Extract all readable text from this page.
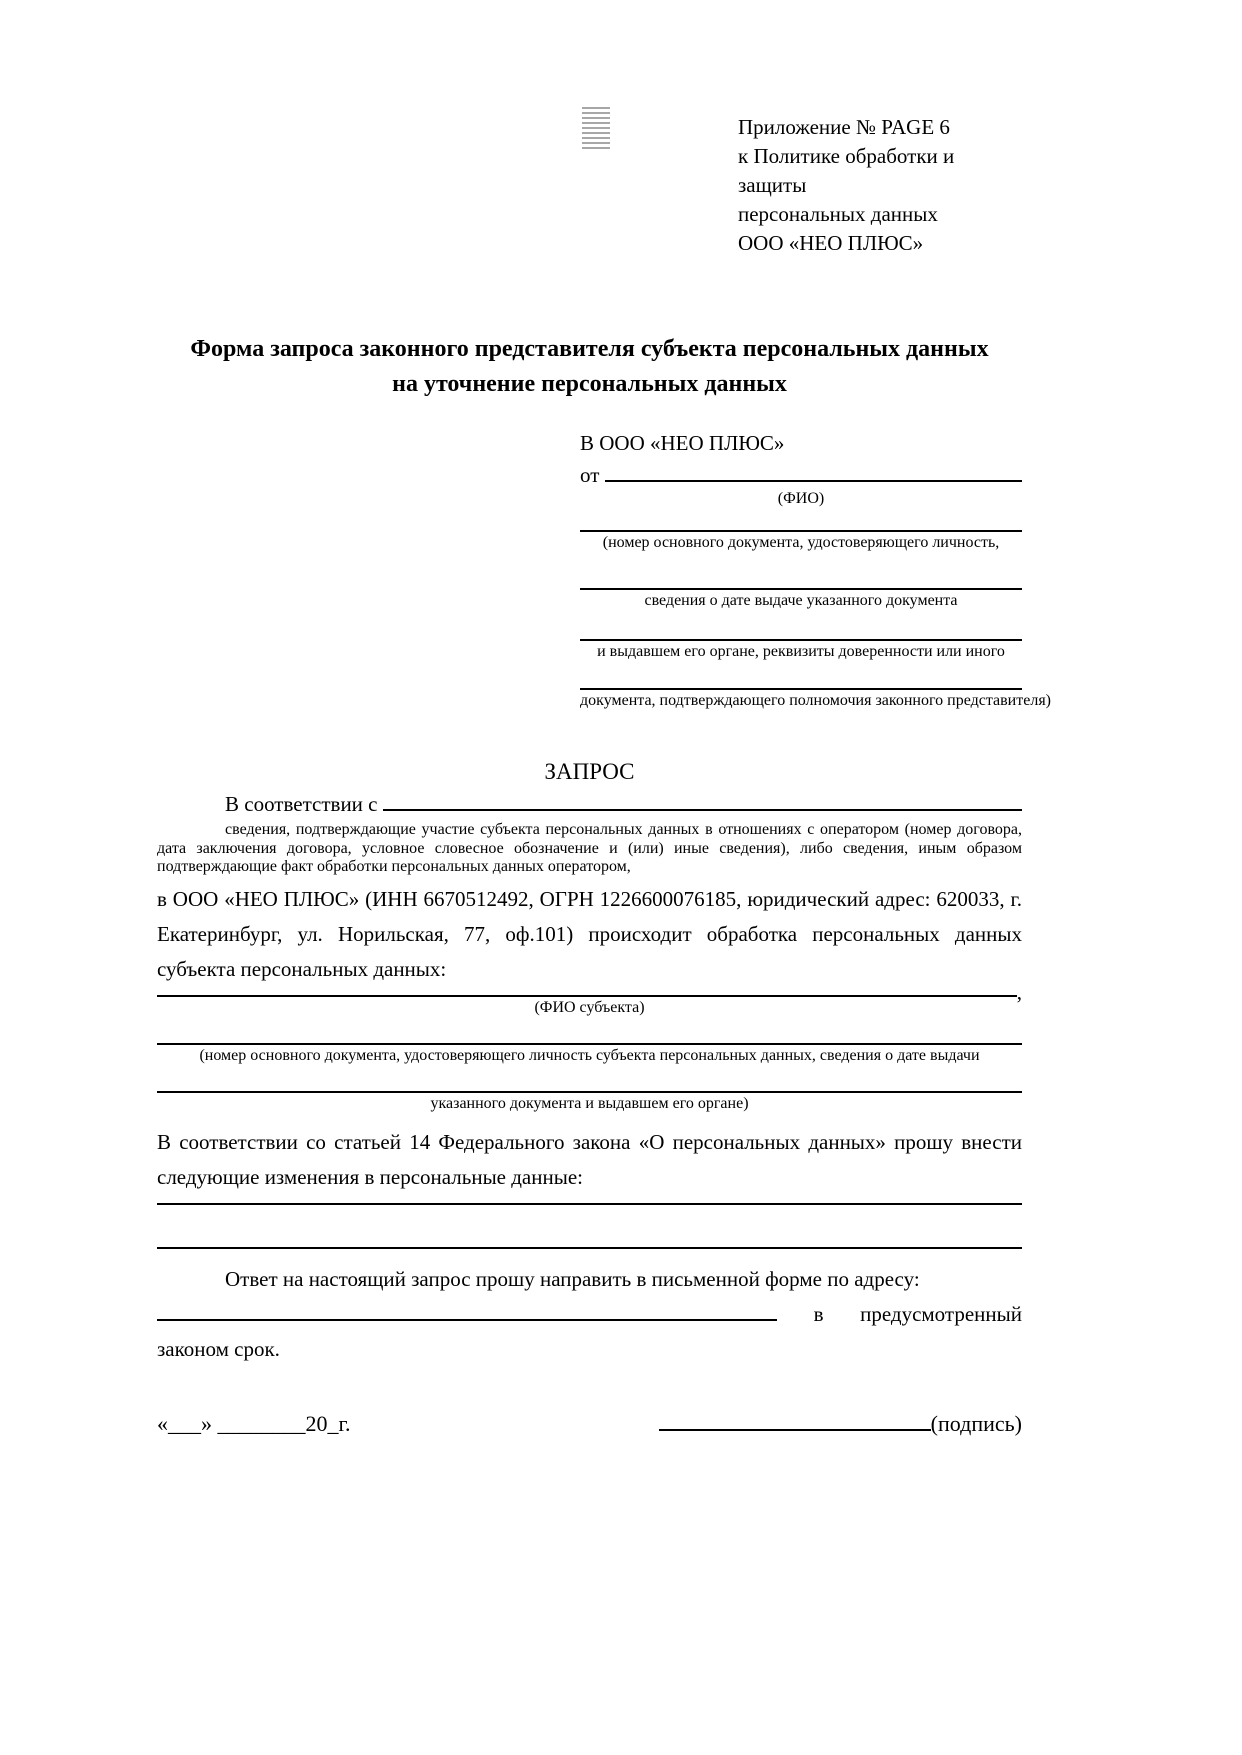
Приложение № PAGE 6
к Политике обработки и защиты
персональных данных
ООО «НЕО ПЛЮС»
Форма запроса законного представителя субъекта персональных данных
на уточнение персональных данных
В ООО «НЕО ПЛЮС»
от
(ФИО)
(номер основного документа, удостоверяющего личность,
сведения о дате выдаче указанного документа
и выдавшем его органе, реквизиты доверенности или иного
документа, подтверждающего полномочия законного представителя)
ЗАПРОС
В соответствии с
сведения, подтверждающие участие субъекта персональных данных в отношениях с оператором (номер договора, дата заключения договора, условное словесное обозначение и (или) иные сведения), либо сведения, иным образом подтверждающие факт обработки персональных данных оператором,
в ООО «НЕО ПЛЮС» (ИНН 6670512492, ОГРН 1226600076185, юридический адрес: 620033, г. Екатеринбург, ул. Норильская, 77, оф.101) происходит обработка персональных данных субъекта персональных данных:
,
(ФИО субъекта)
(номер основного документа, удостоверяющего личность субъекта персональных данных, сведения о дате выдачи
указанного документа и выдавшем его органе)
В соответствии со статьей 14 Федерального закона «О персональных данных» прошу внести следующие изменения в персональные данные:
Ответ на настоящий запрос прошу направить в письменной форме по адресу:
в предусмотренный
законом срок.
«___» ________20_г.	(подпись)
